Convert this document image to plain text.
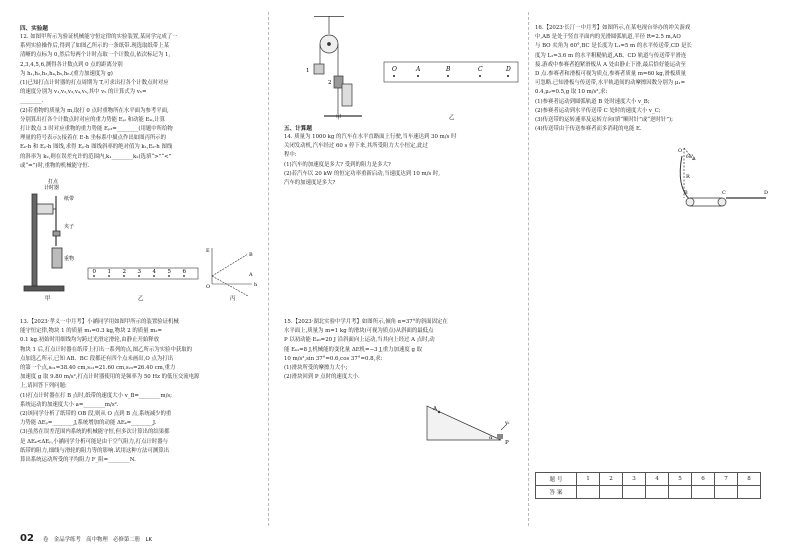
四、实验题
12. 如图甲所示为验证机械能守恒定律的实验装置,某同学完成了一
系列实验操作后,得到了如图乙所示的一条纸带.现选取纸带上某
清晰的点标为 0,然后每两个计时点取一个计数点,依次标记为 1,
2,3,4,5,6,测得各计数点到 0 点的距离分别
为 h₁,h₂,h₃,h₄,h₅,h₆.(重力加速度为 g)
(1)已知打点计时器的打点周期为 T,可求出打各个计数点时对应
的速度分别为 v₁,v₂,v₃,v₄,v₅,其中 v₅ 的计算式为 v₅=
________.
(2)若重物的质量为 m,取打 0 点时重物所在水平面为参考平面,
分别算出打各个计数点时对应的重力势能 Eₚᵢ 和动能 Eₖᵢ,计算
打计数点 3 时对应重物的重力势能 Eₚ₃=________(用题中所给物
理量的符号表示);接着在 E-h 坐标系中描点作出如图丙所示的
Eₖ-h 和 Eₚ-h 图线,求得 Eₚ-h 图线斜率的绝对值为 k₁,Eₖ-h 图线
的斜率为 k₂,则在误差允许的范围内,k₁________k₂(选填“>”“<”
或“=”)时,重物的机械能守恒.
打点
计时器
纸带
夹子
重物
甲
0 1 2 3 4 5 6
乙
E
O	h
B
A
丙
13.【2023·孝义一中月考】小涵同学用如图甲所示的装置验证机械
能守恒定律,物块 1 的质量 m₁=0.3 kg,物块 2 的质量 m₂=
0.1 kg.初始时用细线均匀跨过光滑定滑轮,由静止开始释放
物块 1 后,打点计时器在纸带上打出一系列的点,图乙所示为实验中获取的
点加选乙所示,已知 AB、BC 段都还有四个点未画出,O 点为打出
的第一个点,s₀₁=38.40 cm,s₁₂=21.60 cm,s₂₃=26.40 cm,重力
加速度 g 取 9.80 m/s²,打点计时器使用的是频率为 50 Hz 的低压交流电源
上,请回答下列问题:
(1)打点计时器在打 B 点时,纸带的速度大小 v_B=________m/s;
系统运动的加速度大小 a=________m/s².
(2)该同学分析了纸带的 OB 段,则从 O 点到 B 点,系统减少的重
力势能 ΔEₚ=________J,系统增加的动能 ΔEₖ=________J.
(3)虽然在误差范围内系统的机械能守恒,但多次计算出的结果都
是 ΔEₖ<ΔEₚ,小涵同学分析可能是由于空气阻力,打点计时器与
纸带的阻力,细线与滑轮的阻力等的影响.试用这种方法可测算出
算出系统运动所受的平均阻力 F_阻=________N.
02 卷　金品学练考　高中物理　必修第二册　LK
1
2
O	A	B	C	D
甲	乙
五、计算题
14. 质量为 1000 kg 的汽车在水平直路面上行驶,当车速达到 30 m/s 时
关闭发动机,汽车经过 60 s 停下来,其所受阻力大小恒定,此过
程中:
(1)汽车的加速度是多大? 受到的阻力是多大?
(2)若汽车以 20 kW 的恒定功率重新启动,当速度达到 10 m/s 时,
汽车的加速度是多大?
15.【2023·湖北实验中学月考】如图所示,倾角 α=37°的斜面固定在
水平面上,质量为 m=1 kg 的滑块(可视为质点)从斜面的最低点
P 以初动能 Eₖ₀=20 J 沿斜面向上运动,当其向上经过 A 点时,动
能 Eₖ₁=8 J,机械能的变化量 ΔE机=−3 J,重力加速度 g 取
10 m/s²,sin 37°=0.6,cos 37°=0.8,求:
(1)滑块所受的摩擦力大小;
(2)滑块回到 P 点时的速度大小.
A
P
α
v₀
16.【2023·长汀一中月考】如图所示,在某电视台举办的冲关游戏
中,AB 是处于竖直平面内的光滑圆弧轨道,半径 R=2.5 m,AO
与 BO 夹角为 60°,BC 是长度为 L₁=5 m 的水平传送带,CD 是长
度为 L₂=3.6 m 的水平粗糙轨道,AB、CD 轨道与传送带平滑连
接.游戏中参赛者抱紧滑板从 A 处由静止下滑,最后恰好能运动至
D 点.参赛者和滑板可视为质点,参赛者质量 m=60 kg,滑板质量
可忽略.已知滑板与传送带,水平轨道间的动摩擦因数分别为 μ₁=
0.4,μ₂=0.5,g 取 10 m/s²,求:
(1)参赛者运动到圆弧轨道 B 处时速度大小 v_B;
(2)参赛者运动到水平传送带 C 处时的速度大小 v_C;
(3)传送带的运转速率及运转方向(填“顺时针”或“逆时针”);
(4)传送带由于传送参赛者而多消耗的电能 E.
A
O
R
60°
B	C	D
题 号	1	2	3	4	5	6	7	8
答 案								
